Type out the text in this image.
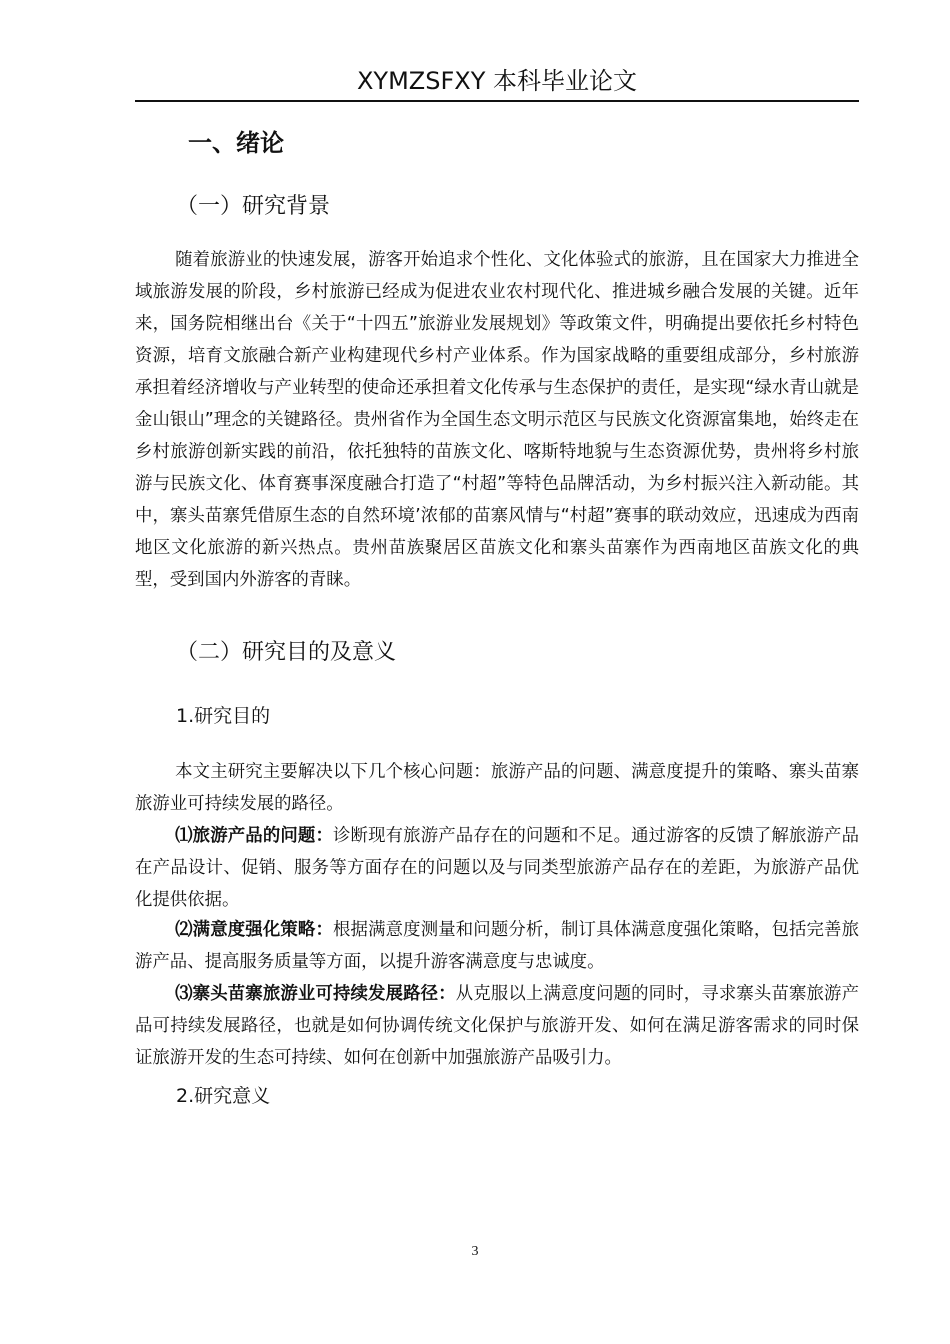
XYMZSFXY 本科毕业论文
一、绪论
（一）研究背景

随着旅游业的快速发展，游客开始追求个性化、文化体验式的旅游，且在国家大力推进全域旅游发展的阶段，乡村旅游已经成为促进农业农村现代化、推进城乡融合发展的关键。近年来，国务院相继出台《关于“十四五”旅游业发展规划》等政策文件，明确提出要依托乡村特色资源，培育文旅融合新产业构建现代乡村产业体系。作为国家战略的重要组成部分，乡村旅游承担着经济增收与产业转型的使命还承担着文化传承与生态保护的责任，是实现“绿水青山就是金山银山”理念的关键路径。贵州省作为全国生态文明示范区与民族文化资源富集地，始终走在乡村旅游创新实践的前沿，依托独特的苗族文化、喀斯特地貌与生态资源优势，贵州将乡村旅游与民族文化、体育赛事深度融合打造了“村超”等特色品牌活动，为乡村振兴注入新动能。其中，寨头苗寨凭借原生态的自然环境’浓郁的苗寨风情与“村超”赛事的联动效应，迅速成为西南地区文化旅游的新兴热点。贵州苗族聚居区苗族文化和寨头苗寨作为西南地区苗族文化的典型，受到国内外游客的青睐。

（二）研究目的及意义
1.研究目的

本文主研究主要解决以下几个核心问题：旅游产品的问题、满意度提升的策略、寨头苗寨旅游业可持续发展的路径。

⑴旅游产品的问题：诊断现有旅游产品存在的问题和不足。通过游客的反馈了解旅游产品在产品设计、促销、服务等方面存在的问题以及与同类型旅游产品存在的差距，为旅游产品优化提供依据。

⑵满意度强化策略：根据满意度测量和问题分析，制订具体满意度强化策略，包括完善旅游产品、提高服务质量等方面，以提升游客满意度与忠诚度。

⑶寨头苗寨旅游业可持续发展路径：从克服以上满意度问题的同时，寻求寨头苗寨旅游产品可持续发展路径，也就是如何协调传统文化保护与旅游开发、如何在满足游客需求的同时保证旅游开发的生态可持续、如何在创新中加强旅游产品吸引力。

2.研究意义
3
